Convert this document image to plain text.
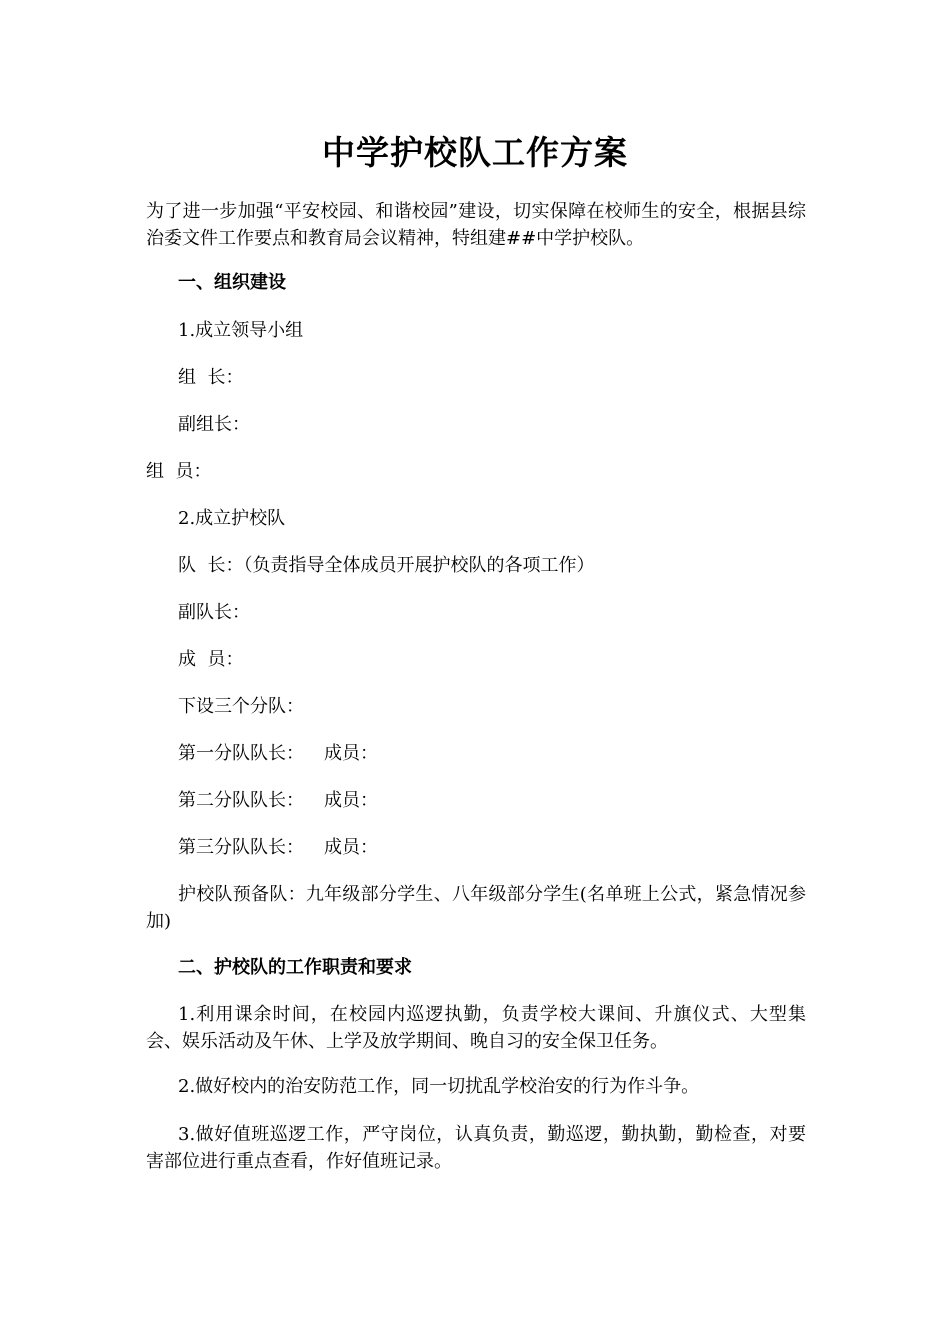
中学护校队工作方案
为了进一步加强“平安校园、和谐校园”建设，切实保障在校师生的安全，根据县综治委文件工作要点和教育局会议精神，特组建##中学护校队。
一、组织建设
1.成立领导小组
组  长：
副组长：
组  员：
2.成立护校队
队  长：（负责指导全体成员开展护校队的各项工作）
副队长：
成  员：
下设三个分队：
第一分队队长： 成员：
第二分队队长： 成员：
第三分队队长： 成员：
护校队预备队：九年级部分学生、八年级部分学生(名单班上公式，紧急情况参加)
二、护校队的工作职责和要求
1.利用课余时间，在校园内巡逻执勤，负责学校大课间、升旗仪式、大型集会、娱乐活动及午休、上学及放学期间、晚自习的安全保卫任务。
2.做好校内的治安防范工作，同一切扰乱学校治安的行为作斗争。
3.做好值班巡逻工作，严守岗位，认真负责，勤巡逻，勤执勤，勤检查，对要害部位进行重点查看，作好值班记录。
